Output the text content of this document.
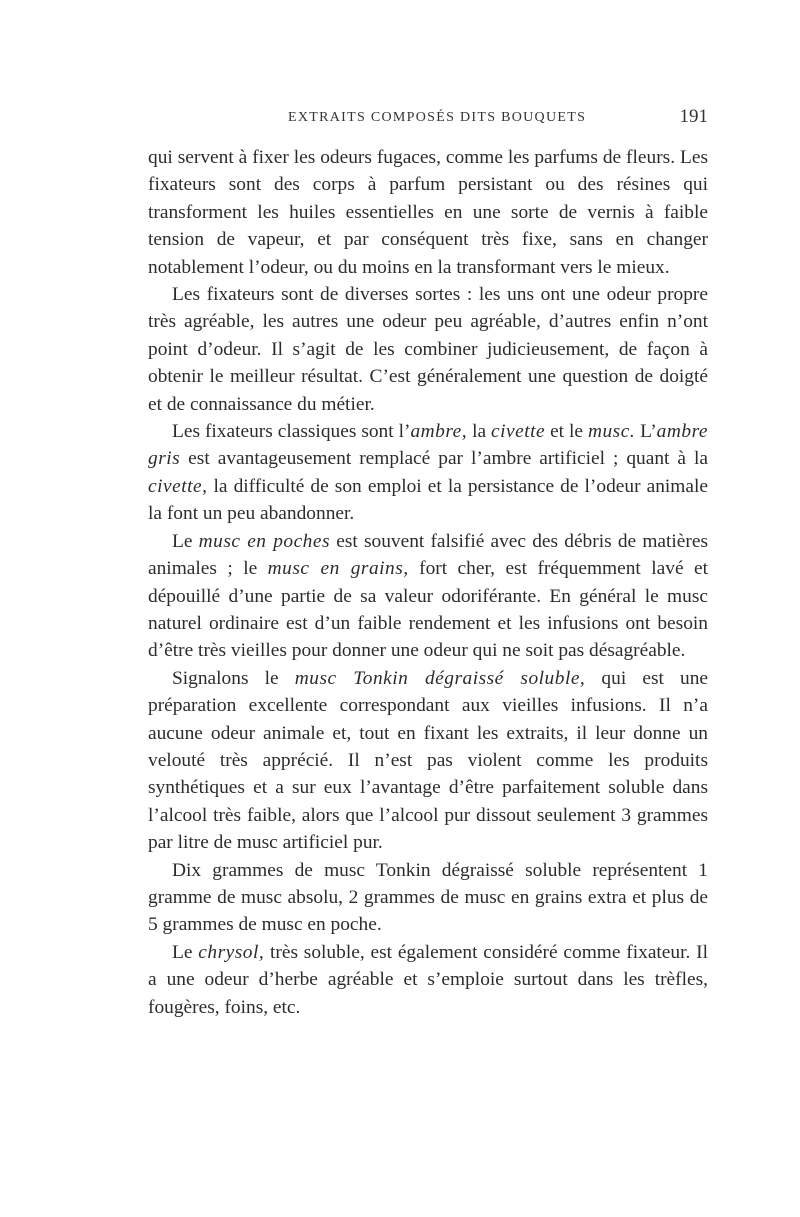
EXTRAITS COMPOSÉS DITS BOUQUETS	191

qui servent à fixer les odeurs fugaces, comme les parfums de fleurs. Les fixateurs sont des corps à parfum persistant ou des résines qui transforment les huiles essentielles en une sorte de vernis à faible tension de vapeur, et par conséquent très fixe, sans en changer notablement l’odeur, ou du moins en la transformant vers le mieux.

Les fixateurs sont de diverses sortes : les uns ont une odeur propre très agréable, les autres une odeur peu agréable, d’autres enfin n’ont point d’odeur. Il s’agit de les combiner judicieusement, de façon à obtenir le meilleur résultat. C’est généralement une question de doigté et de connaissance du métier.

Les fixateurs classiques sont l’ambre, la civette et le musc. L’ambre gris est avantageusement remplacé par l’ambre artificiel ; quant à la civette, la difficulté de son emploi et la persistance de l’odeur animale la font un peu abandonner.

Le musc en poches est souvent falsifié avec des débris de matières animales ; le musc en grains, fort cher, est fréquemment lavé et dépouillé d’une partie de sa valeur odoriférante. En général le musc naturel ordinaire est d’un faible rendement et les infusions ont besoin d’être très vieilles pour donner une odeur qui ne soit pas désagréable.

Signalons le musc Tonkin dégraissé soluble, qui est une préparation excellente correspondant aux vieilles infusions. Il n’a aucune odeur animale et, tout en fixant les extraits, il leur donne un velouté très apprécié. Il n’est pas violent comme les produits synthétiques et a sur eux l’avantage d’être parfaitement soluble dans l’alcool très faible, alors que l’alcool pur dissout seulement 3 grammes par litre de musc artificiel pur.

Dix grammes de musc Tonkin dégraissé soluble représentent 1 gramme de musc absolu, 2 grammes de musc en grains extra et plus de 5 grammes de musc en poche.

Le chrysol, très soluble, est également considéré comme fixateur. Il a une odeur d’herbe agréable et s’emploie surtout dans les trèfles, fougères, foins, etc.
